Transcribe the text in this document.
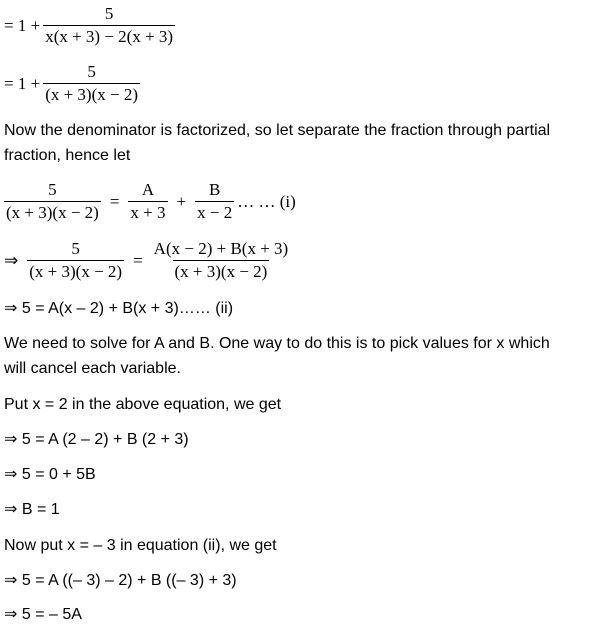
= $1 + \frac{5}{x(x + 3) - 2(x + 3)}$
= $1 + \frac{5}{(x + 3)(x - 2)}$
Now the denominator is factorized, so let separate the fraction through partial
fraction, hence let
$\frac{5}{(x + 3)(x - 2)} = \frac{A}{x + 3} + \frac{B}{x - 2}$ … … (i)
⇒ $\frac{5}{(x + 3)(x - 2)} = \frac{A(x - 2) + B(x + 3)}{(x + 3)(x - 2)}$
⇒ 5 = A(x – 2) + B(x + 3)…… (ii)
We need to solve for A and B. One way to do this is to pick values for x which
will cancel each variable.
Put x = 2 in the above equation, we get
⇒ 5 = A (2 – 2) + B (2 + 3)
⇒ 5 = 0 + 5B
⇒ B = 1
Now put x = – 3 in equation (ii), we get
⇒ 5 = A ((– 3) – 2) + B ((– 3) + 3)
⇒ 5 = – 5A
